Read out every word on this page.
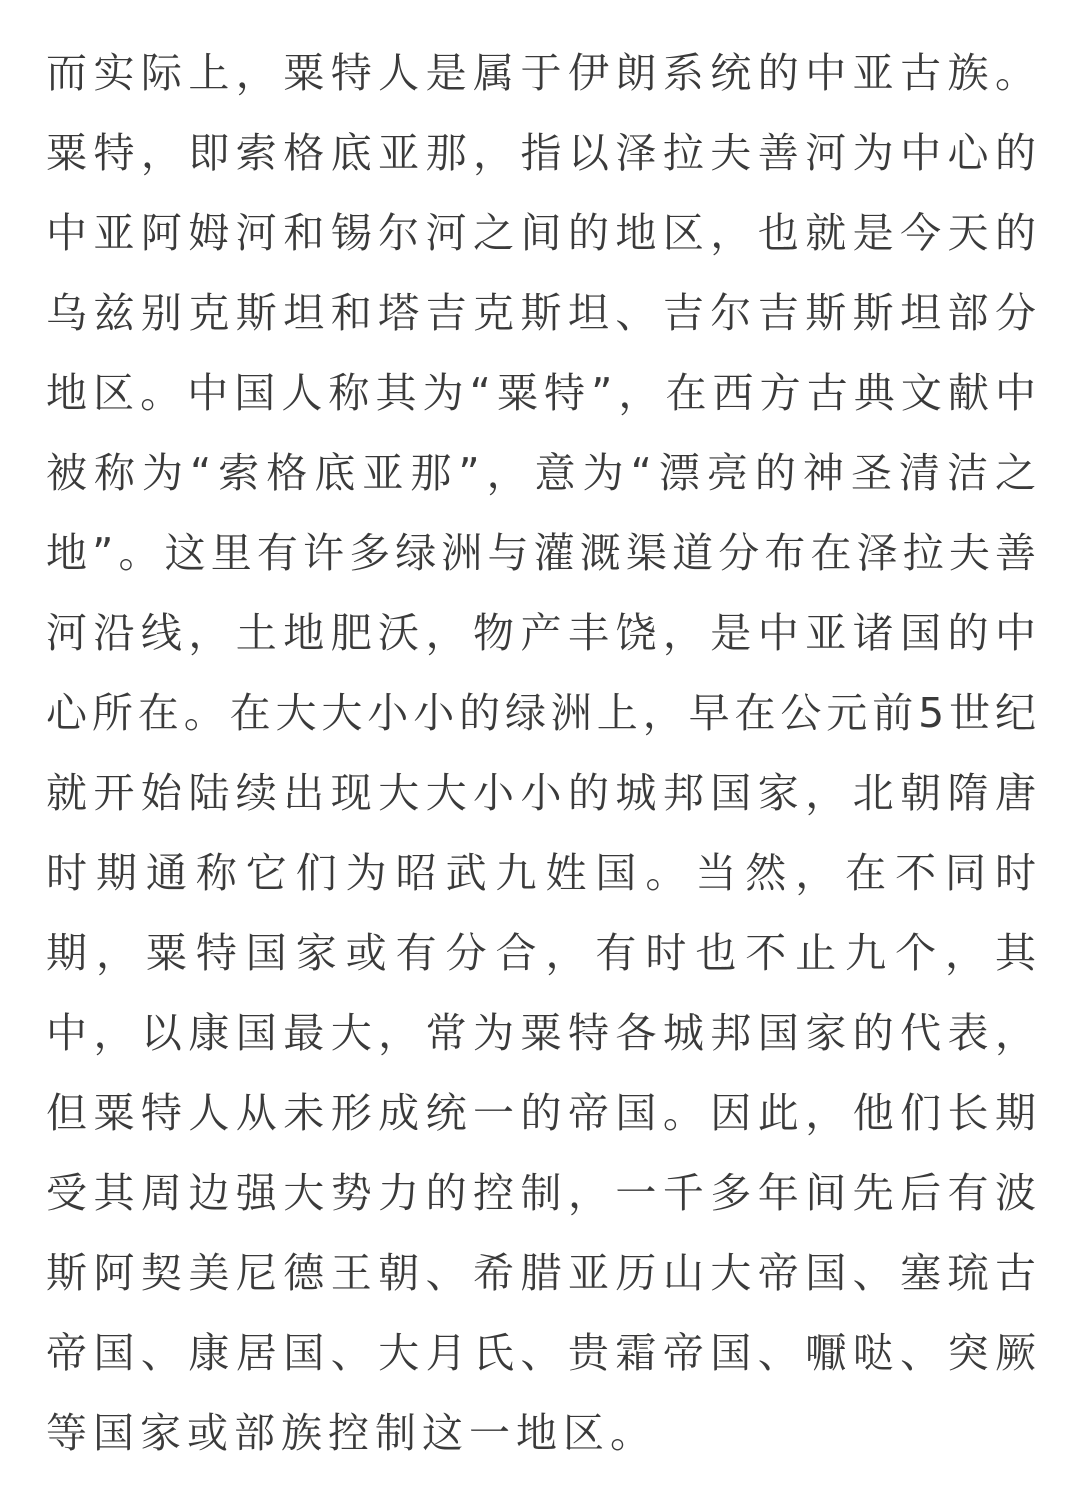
而实际上，粟特人是属于伊朗系统的中亚古族。
粟特，即索格底亚那，指以泽拉夫善河为中心的
中亚阿姆河和锡尔河之间的地区，也就是今天的
乌兹别克斯坦和塔吉克斯坦、吉尔吉斯斯坦部分
地区。中国人称其为“粟特”，在西方古典文献中
被称为“索格底亚那”，意为“漂亮的神圣清洁之
地”。这里有许多绿洲与灌溉渠道分布在泽拉夫善
河沿线，土地肥沃，物产丰饶，是中亚诸国的中
心所在。在大大小小的绿洲上，早在公元前5世纪
就开始陆续出现大大小小的城邦国家，北朝隋唐
时期通称它们为昭武九姓国。当然，在不同时
期，粟特国家或有分合，有时也不止九个，其
中，以康国最大，常为粟特各城邦国家的代表，
但粟特人从未形成统一的帝国。因此，他们长期
受其周边强大势力的控制，一千多年间先后有波
斯阿契美尼德王朝、希腊亚历山大帝国、塞琉古
帝国、康居国、大月氏、贵霜帝国、嚈哒、突厥
等国家或部族控制这一地区。
